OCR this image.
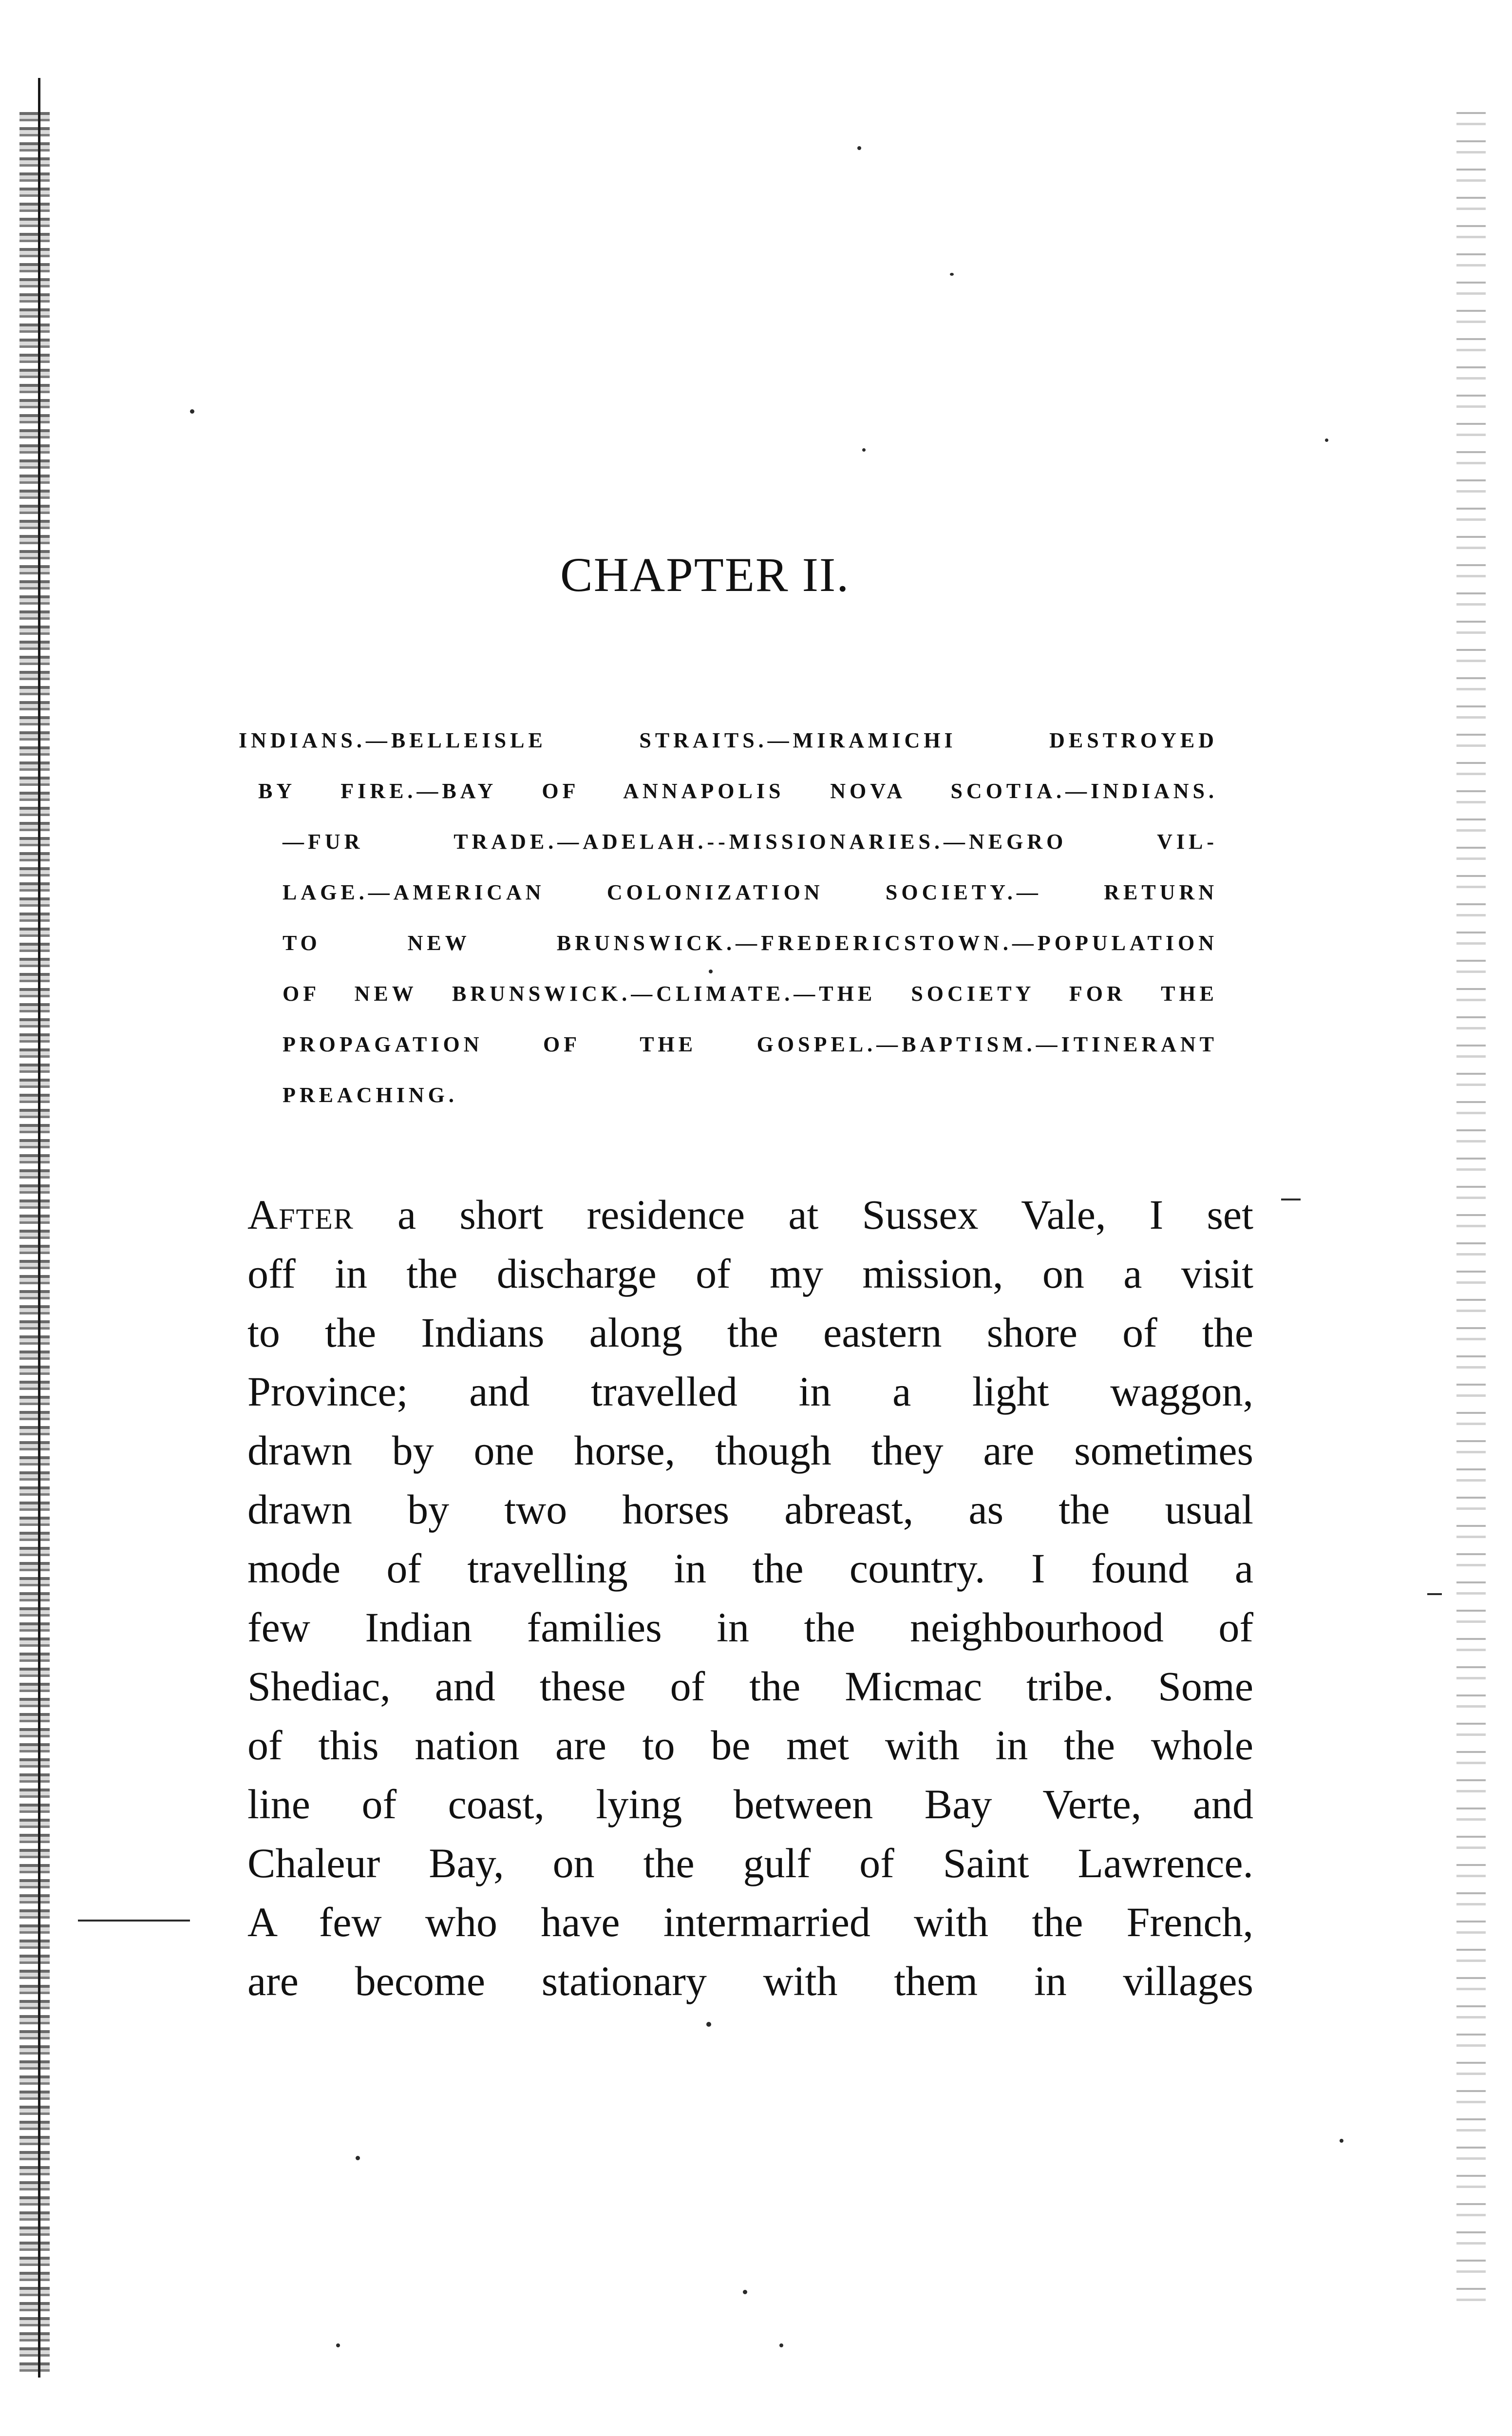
CHAPTER II.
INDIANS.—BELLEISLE STRAITS.—MIRAMICHI DESTROYED
BY FIRE.—BAY OF ANNAPOLIS NOVA SCOTIA.—INDIANS.
—FUR TRADE.—ADELAH.--MISSIONARIES.—NEGRO VIL-
LAGE.—AMERICAN COLONIZATION SOCIETY.— RETURN
TO NEW BRUNSWICK.—FREDERICSTOWN.—POPULATION
OF NEW BRUNSWICK.—CLIMATE.—THE SOCIETY FOR THE
PROPAGATION OF THE GOSPEL.—BAPTISM.—ITINERANT
PREACHING.
After a short residence at Sussex Vale, I set
off in the discharge of my mission, on a visit
to the Indians along the eastern shore of the
Province; and travelled in a light waggon,
drawn by one horse, though they are sometimes
drawn by two horses abreast, as the usual
mode of travelling in the country. I found a
few Indian families in the neighbourhood of
Shediac, and these of the Micmac tribe. Some
of this nation are to be met with in the whole
line of coast, lying between Bay Verte, and
Chaleur Bay, on the gulf of Saint Lawrence.
A few who have intermarried with the French,
are become stationary with them in villages
